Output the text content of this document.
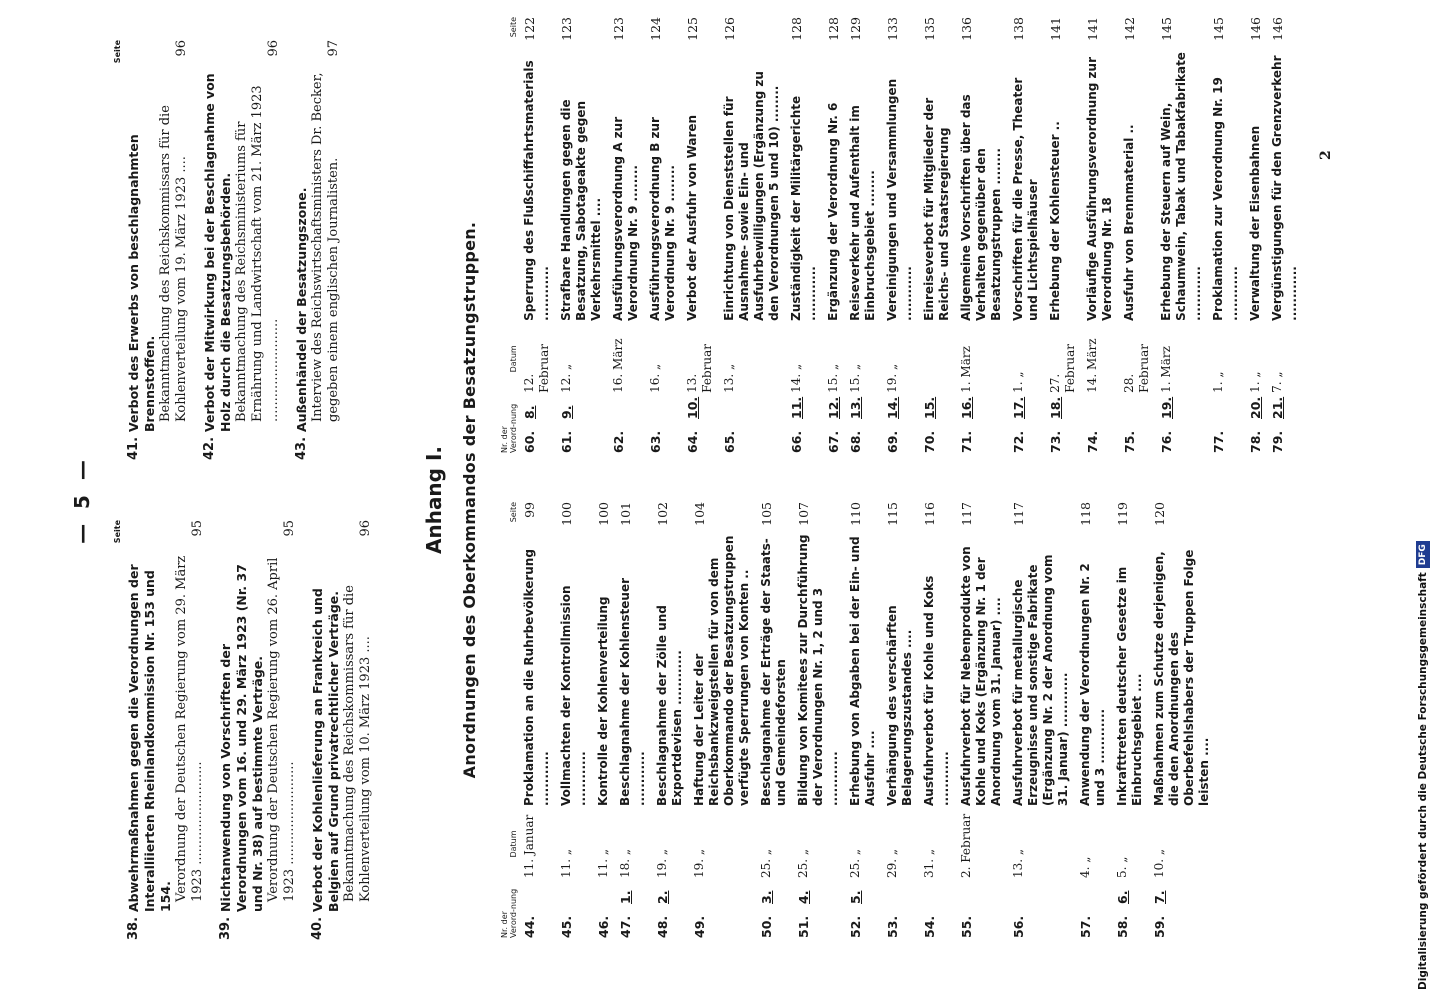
— 5 —	Seite
38.
Abwehrmaßnahmen gegen die Verordnungen der Interalliierten Rheinlandkommission Nr. 153 und 154. Verordnung der Deutschen Regierung vom 29. März 1923 .........................
95
39.
Nichtanwendung von Vorschriften der Verordnungen vom 16. und 29. März 1923 (Nr. 37 und Nr. 38) auf bestimmte Verträge. Verordnung der Deutschen Regierung vom 26. April 1923 .........................
95
40.
Verbot der Kohlenlieferung an Frankreich und Belgien auf Grund privatrechtlicher Verträge. Bekanntmachung des Reichskommissars für die Kohlenverteilung vom 10. März 1923 ....
96
Seite
41.
Verbot des Erwerbs von beschlagnahmten Brennstoffen. Bekanntmachung des Reichskommissars für die Kohlenverteilung vom 19. März 1923 ....
96
42.
Verbot der Mitwirkung bei der Beschlagnahme von Holz durch die Besatzungsbehörden. Bekanntmachung des Reichsministeriums für Ernährung und Landwirtschaft vom 21. März 1923 .........................
96
43.
Außenhändel der Besatzungszone. Interview des Reichswirtschaftsministers Dr. Becker, gegeben einem englischen Journalisten.
97
Anhang I. Anordnungen des Oberkommandos der Besatzungstruppen.
Nr. der Verord-nung		Datum		Seite
44.		11. Januar	Proklamation an die Ruhrbevölkerung ............	99
45.		11. „	Vollmachten der Kontrollmission ............	100
46.		11. „	Kontrolle der Kohlenverteilung	100
47.	1.	18. „	Beschlagnahme der Kohlensteuer ............	101
48.	2.	19. „	Beschlagnahme der Zölle und Exportdevisen ............	102
49.		19. „	Haftung der Leiter der Reichsbankzweigstellen für von dem Oberkommando der Besatzungstruppen verfügte Sperrungen von Konten ..	104
50.	3.	25. „	Beschlagnahme der Erträge der Staats- und Gemeindeforsten	105
51.	4.	25. „	Bildung von Komitees zur Durchführung der Verordnungen Nr. 1, 2 und 3 ............	107
52.	5.	25. „	Erhebung von Abgaben bei der Ein- und Ausfuhr ....	110
53.		29. „	Verhängung des verschärften Belagerungszustandes ....	115
54.		31. „	Ausfuhrverbot für Kohle und Koks ............	116
55.		2. Februar	Ausfuhrverbot für Nebenprodukte von Kohle und Koks (Ergänzung Nr. 1 der Anordnung vom 31. Januar) ....	117
56.		13. „	Ausfuhrverbot für metallurgische Erzeugnisse und sonstige Fabrikate (Ergänzung Nr. 2 der Anordnung vom 31. Januar) ............	117
57.		4. „	Anwendung der Verordnungen Nr. 2 und 3 ............	118
58.	6.	5. „	Inkrafttreten deutscher Gesetze im Einbruchsgebiet ....	119
59.	7.	10. „	Maßnahmen zum Schutze derjenigen, die den Anordnungen des Oberbefehlshabers der Truppen Folge leisten ....	120
Nr. der Verord-nung		Datum		Seite
60.	8.	12. Februar	Sperrung des Flußschiffahrtsmaterials ............	122
61.	9.	12. „	Strafbare Handlungen gegen die Besatzung, Sabotageakte gegen Verkehrsmittel ....	123
62.		16. März	Ausführungsverordnung A zur Verordnung Nr. 9 ........	123
63.		16. „	Ausführungsverordnung B zur Verordnung Nr. 9 ........	124
64.	10.	13. Februar	Verbot der Ausfuhr von Waren	125
65.		13. „	Einrichtung von Dienststellen für Ausnahme- sowie Ein- und Ausfuhrbewilligungen (Ergänzung zu den Verordnungen 5 und 10) ........	126
66.	11.	14. „	Zuständigkeit der Militärgerichte ............	128
67.	12.	15. „	Ergänzung der Verordnung Nr. 6	128
68.	13.	15. „	Reiseverkehr und Aufenthalt im Einbruchsgebiet ........	129
69.	14.	19. „	Vereinigungen und Versammlungen ............	133
70.	15.		Einreiseverbot für Mitglieder der Reichs- und Staatsregierung	135
71.	16.	1. März	Allgemeine Vorschriften über das Verhalten gegenüber den Besatzungstruppen ........	136
72.	17.	1. „	Vorschriften für die Presse, Theater und Lichtspielhäuser	138
73.	18.	27. Februar	Erhebung der Kohlensteuer ..	141
74.		14. März	Vorläufige Ausführungsverordnung zur Verordnung Nr. 18	141
75.		28. Februar	Ausfuhr von Brennmaterial ..	142
76.	19.	1. März	Erhebung der Steuern auf Wein, Schaumwein, Tabak und Tabakfabrikate ............	145
77.		1. „	Proklamation zur Verordnung Nr. 19 ............	145
78.	20.	1. „	Verwaltung der Eisenbahnen	146
79.	21.	7. „	Vergünstigungen für den Grenzverkehr ............	146
2
Digitalisierung gefördert durch die Deutsche ForschungsgemeinschaftDFG
